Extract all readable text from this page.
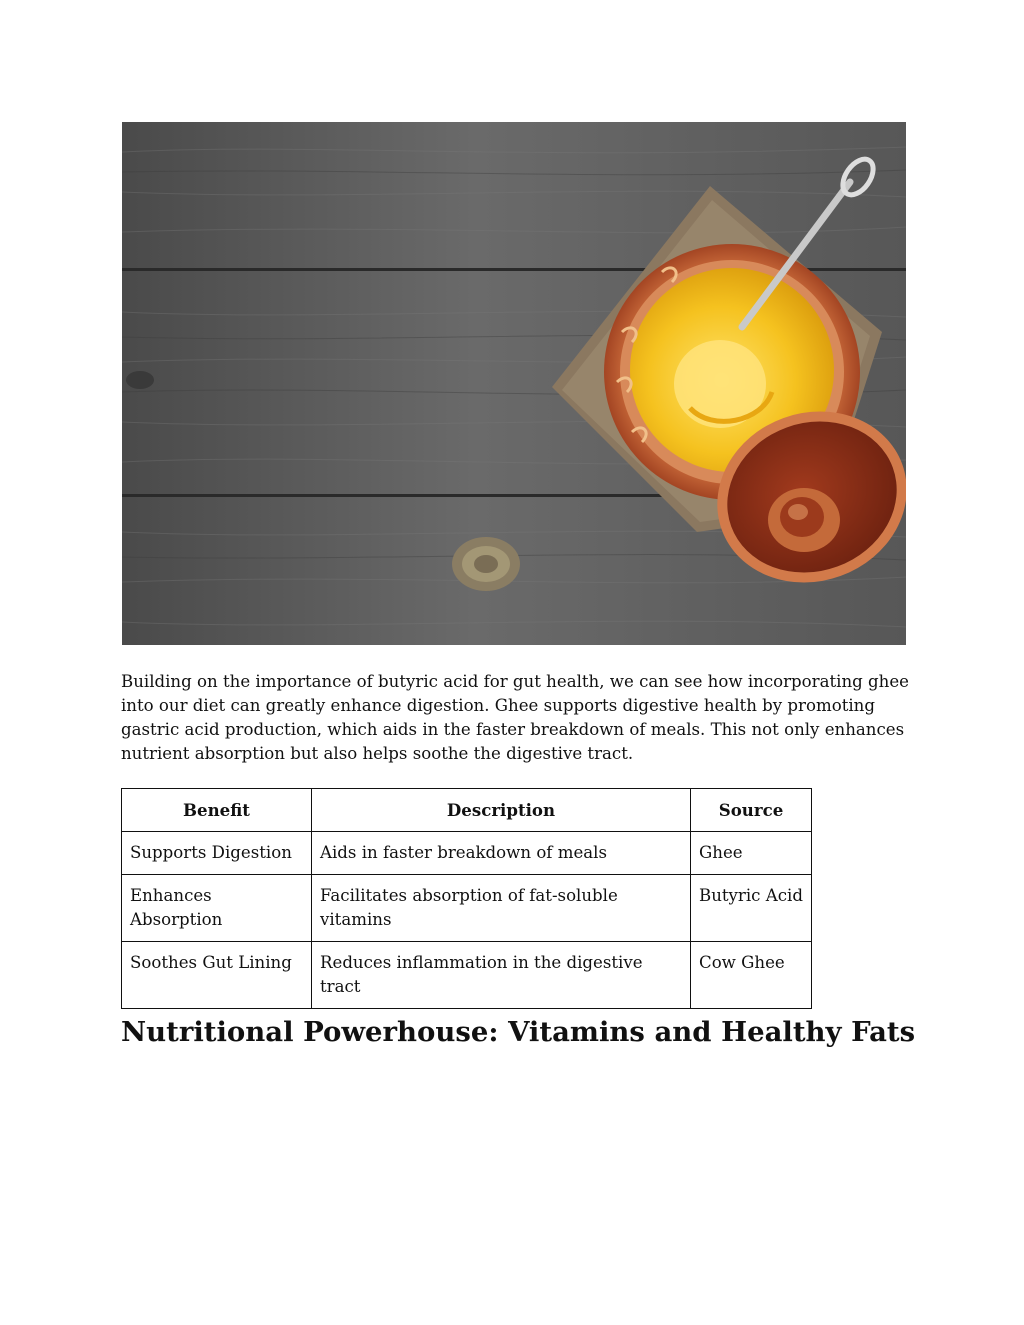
Building on the importance of butyric acid for gut health, we can see how incorporating ghee into our diet can greatly enhance digestion. Ghee supports digestive health by promoting gastric acid production, which aids in the faster breakdown of meals. This not only enhances nutrient absorption but also helps soothe the digestive tract.

Benefit	Description	Source
Supports Digestion	Aids in faster breakdown of meals	Ghee
Enhances Absorption	Facilitates absorption of fat-soluble vitamins	Butyric Acid
Soothes Gut Lining	Reduces inflammation in the digestive tract	Cow Ghee
Nutritional Powerhouse: Vitamins and Healthy Fats
